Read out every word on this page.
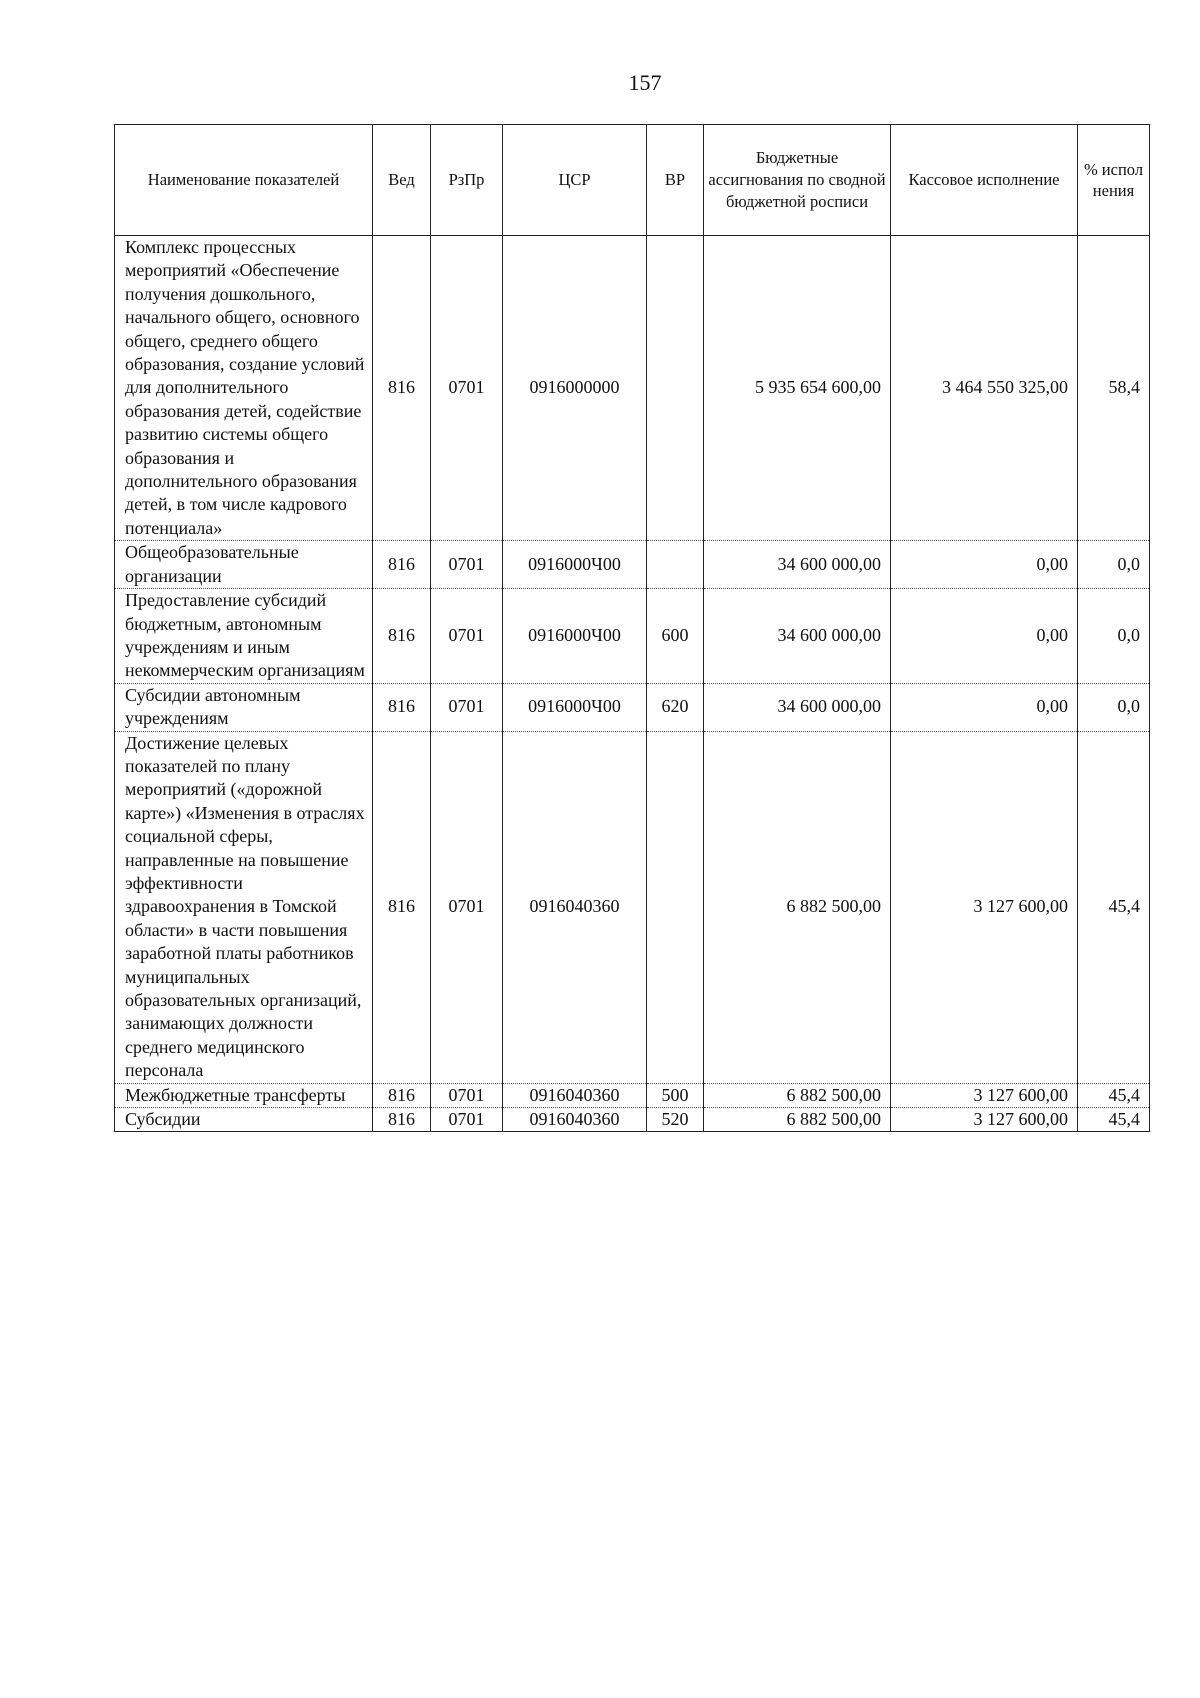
157
Наименование показателей	Вед	РзПр	ЦСР	ВР	Бюджетные ассигнования по сводной бюджетной росписи	Кассовое исполнение	% испол нения
Комплекс процессных мероприятий «Обеспечение получения дошкольного, начального общего, основного общего, среднего общего образования, создание условий для дополнительного образования детей, содействие развитию системы общего образования и дополнительного образования детей, в том числе кадрового потенциала»	816	0701	0916000000		5 935 654 600,00	3 464 550 325,00	58,4
Общеобразовательные организации	816	0701	0916000Ч00		34 600 000,00	0,00	0,0
Предоставление субсидий бюджетным, автономным учреждениям и иным некоммерческим организациям	816	0701	0916000Ч00	600	34 600 000,00	0,00	0,0
Субсидии автономным учреждениям	816	0701	0916000Ч00	620	34 600 000,00	0,00	0,0
Достижение целевых показателей по плану мероприятий («дорожной карте») «Изменения в отраслях социальной сферы, направленные на повышение эффективности здравоохранения в Томской области» в части повышения заработной платы работников муниципальных образовательных организаций, занимающих должности среднего медицинского персонала	816	0701	0916040360		6 882 500,00	3 127 600,00	45,4
Межбюджетные трансферты	816	0701	0916040360	500	6 882 500,00	3 127 600,00	45,4
Субсидии	816	0701	0916040360	520	6 882 500,00	3 127 600,00	45,4
